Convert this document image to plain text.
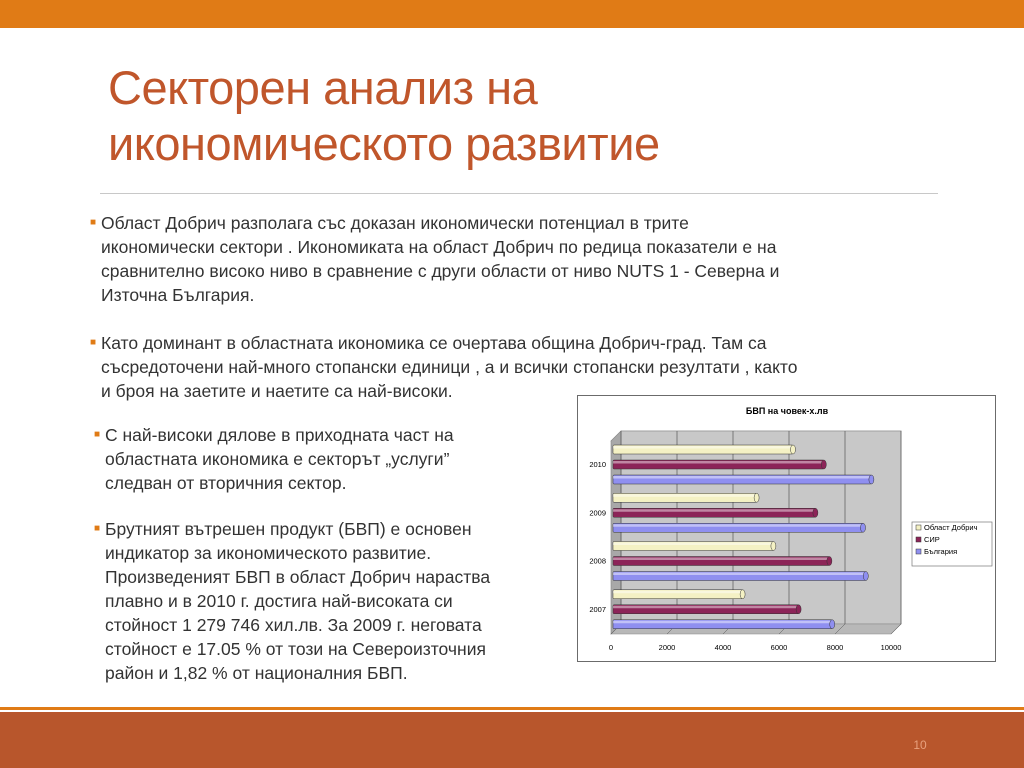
Секторен анализ на
икономическото развитие
■ Област Добрич разполага със доказан икономически потенциал в трите
икономически сектори . Икономиката на област Добрич по редица показатели е на
сравнително високо ниво в сравнение с други области от ниво NUTS 1 - Северна и
Източна България.
■ Като доминант в областната икономика се очертава община Добрич-град. Там са
съсредоточени най-много стопански единици , а и всички стопански резултати , както
и броя на заетите и наетите са най-високи.
■ С най-високи дялове в приходната част на
областната икономика е секторът „услуги”
следван от вторичния сектор.
■ Брутният вътрешен продукт (БВП) е основен
индикатор за икономическото развитие.
Произведеният БВП в област Добрич нараства
плавно и в 2010 г. достига най-високата си
стойност 1 279 746 хил.лв. За 2009 г. неговата
стойност е 17.05 % от този на Североизточния
район и 1,82 % от националния БВП.
БВП на човек-х.лв
0	2000	4000	6000	8000	10000
2010
2009
2008
2007
Област Добрич
СИР
България
10
